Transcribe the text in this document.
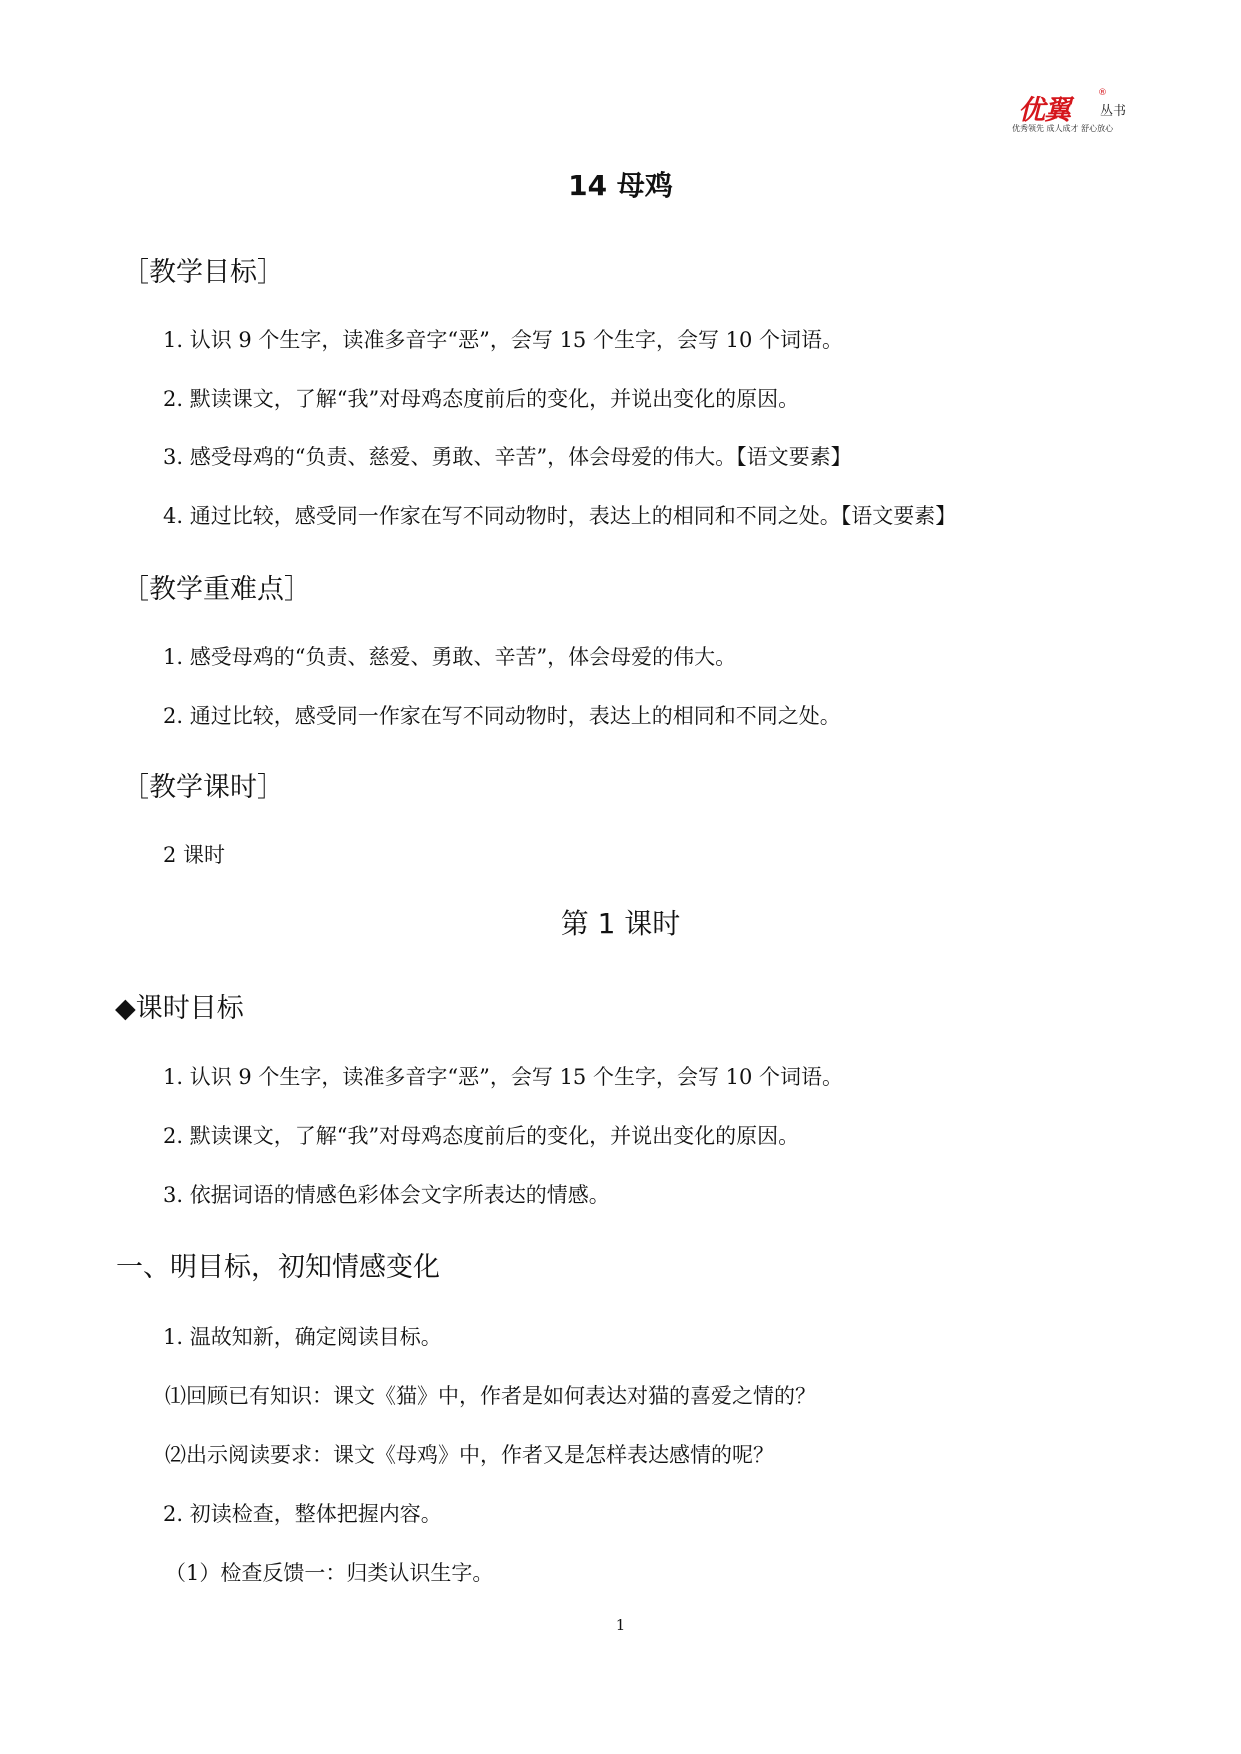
优翼
®
丛书
优秀领先 成人成才 舒心放心
14 母鸡
［教学目标］
1. 认识 9 个生字，读准多音字“恶”，会写 15 个生字，会写 10 个词语。
2. 默读课文，了解“我”对母鸡态度前后的变化，并说出变化的原因。
3. 感受母鸡的“负责、慈爱、勇敢、辛苦”，体会母爱的伟大。【语文要素】
4. 通过比较，感受同一作家在写不同动物时，表达上的相同和不同之处。【语文要素】
［教学重难点］
1. 感受母鸡的“负责、慈爱、勇敢、辛苦”，体会母爱的伟大。
2. 通过比较，感受同一作家在写不同动物时，表达上的相同和不同之处。
［教学课时］
2 课时
第 1 课时
◆课时目标
1. 认识 9 个生字，读准多音字“恶”，会写 15 个生字，会写 10 个词语。
2. 默读课文，了解“我”对母鸡态度前后的变化，并说出变化的原因。
3. 依据词语的情感色彩体会文字所表达的情感。
一、明目标，初知情感变化
1. 温故知新，确定阅读目标。
⑴回顾已有知识：课文《猫》中，作者是如何表达对猫的喜爱之情的？
⑵出示阅读要求：课文《母鸡》中，作者又是怎样表达感情的呢？
2. 初读检查，整体把握内容。
（1）检查反馈一：归类认识生字。
1
